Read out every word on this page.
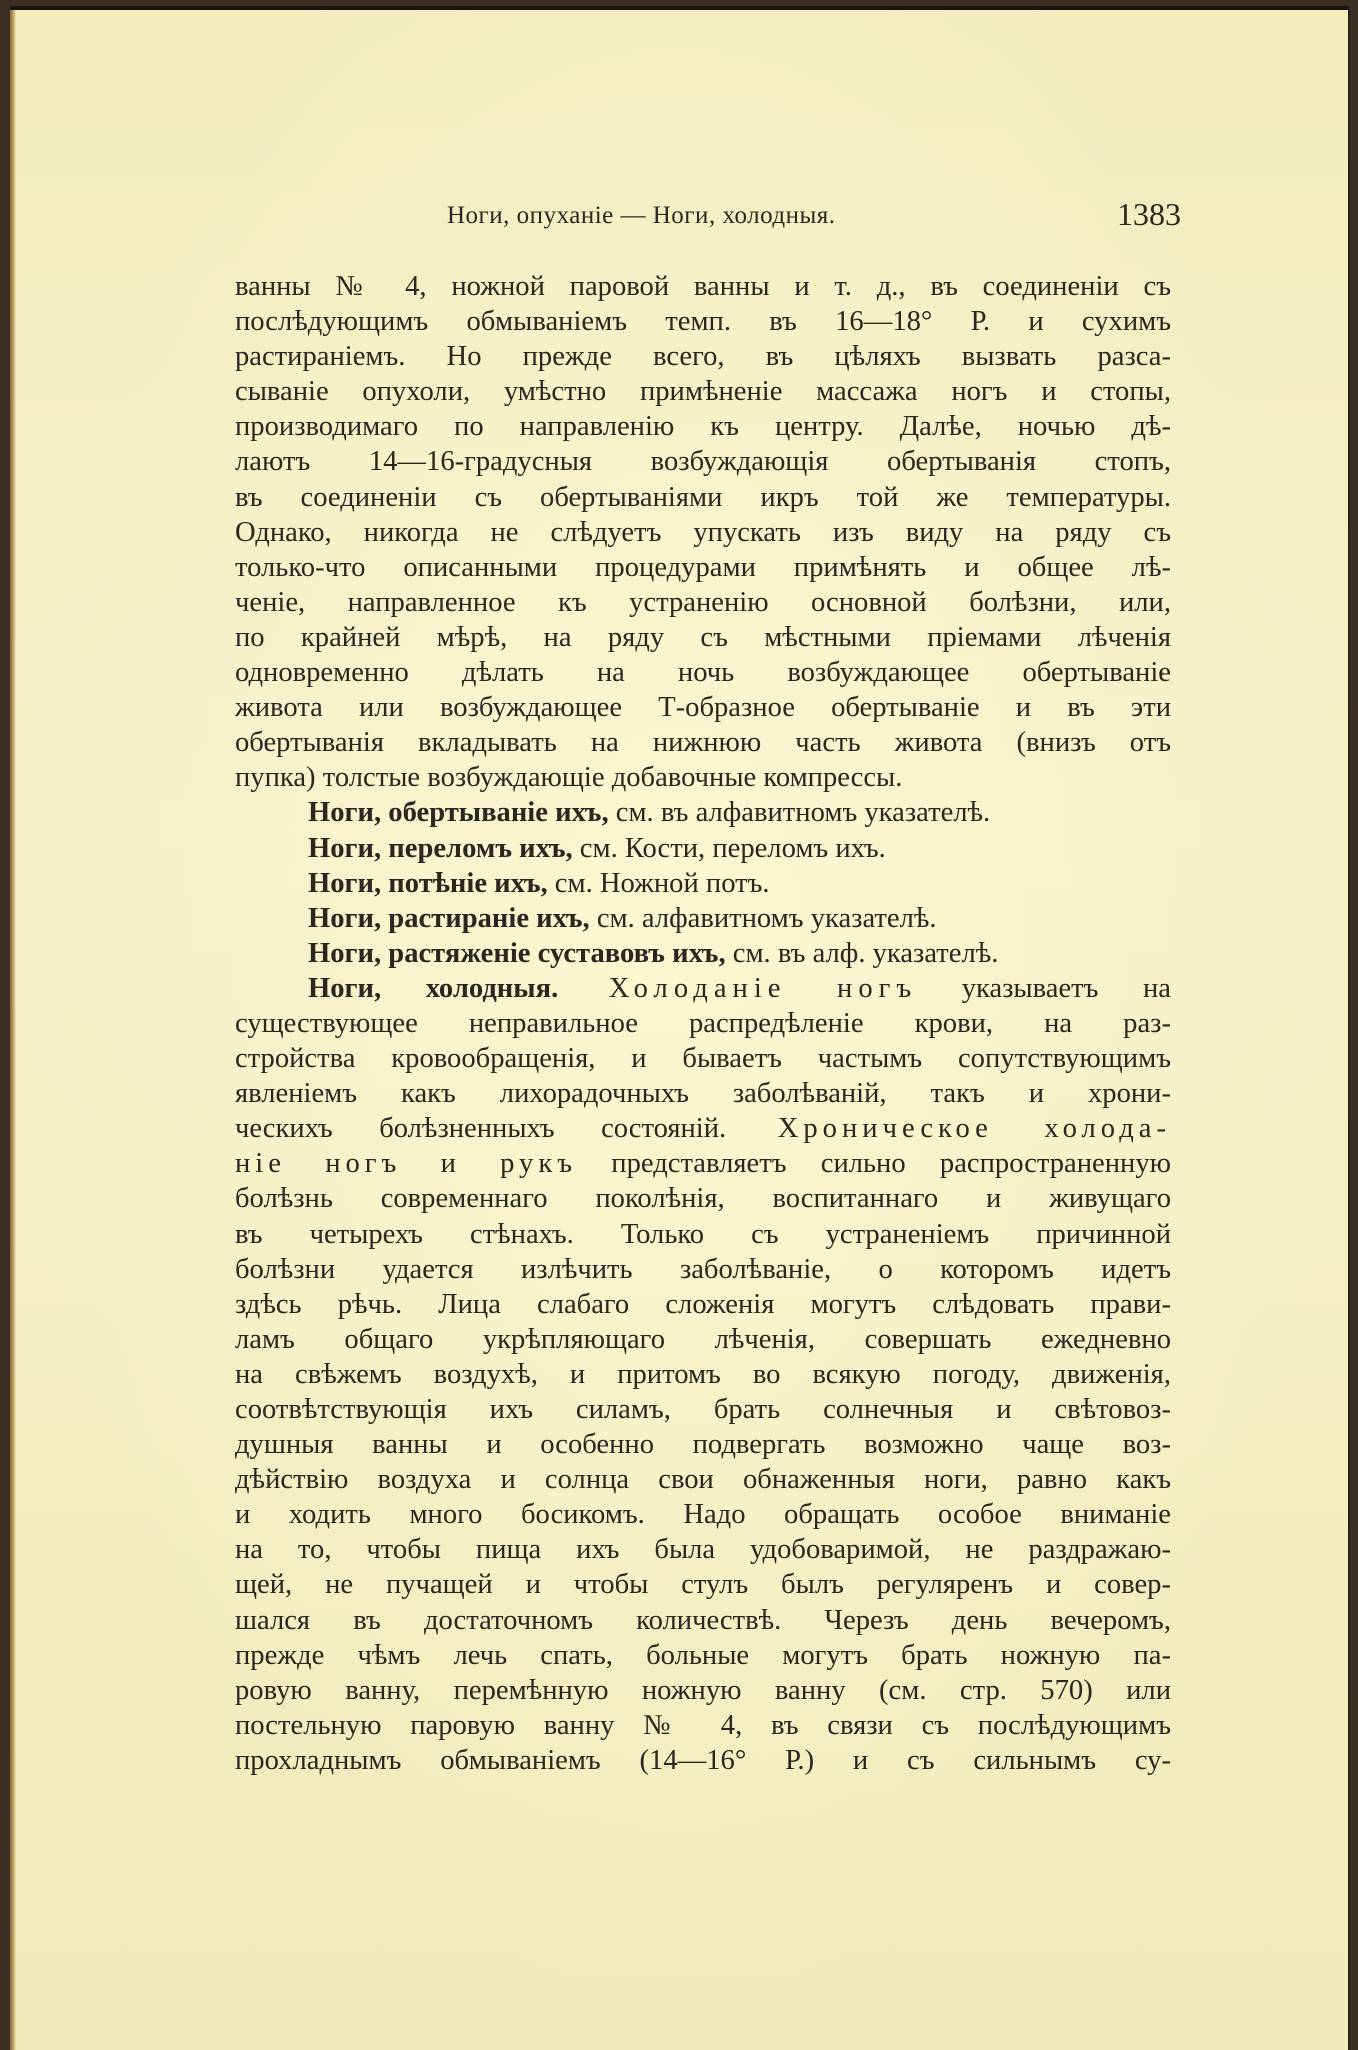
Ноги, опуханіе — Ноги, холодныя.	1383
ванны № 4, ножной паровой ванны и т. д., въ соединеніи съ
послѣдующимъ обмываніемъ темп. въ 16—18° Р. и сухимъ
растираніемъ. Но прежде всего, въ цѣляхъ вызвать разса-
сываніе опухоли, умѣстно примѣненіе массажа ногъ и стопы,
производимаго по направленію къ центру. Далѣе, ночью дѣ-
лаютъ 14—16-градусныя возбуждающія обертыванія стопъ,
въ соединеніи съ обертываніями икръ той же температуры.
Однако, никогда не слѣдуетъ упускать изъ виду на ряду съ
только-что описанными процедурами примѣнять и общее лѣ-
ченіе, направленное къ устраненію основной болѣзни, или,
по крайней мѣрѣ, на ряду съ мѣстными пріемами лѣченія
одновременно дѣлать на ночь возбуждающее обертываніе
живота или возбуждающее Т-образное обертываніе и въ эти
обертыванія вкладывать на нижнюю часть живота (внизъ отъ
пупка) толстые возбуждающіе добавочные компрессы.
Ноги, обертываніе ихъ, см. въ алфавитномъ указателѣ.
Ноги, переломъ ихъ, см. Кости, переломъ ихъ.
Ноги, потѣніе ихъ, см. Ножной потъ.
Ноги, растираніе ихъ, см. алфавитномъ указателѣ.
Ноги, растяженіе суставовъ ихъ, см. въ алф. указателѣ.
Ноги, холодныя. Холоданіе ногъ указываетъ на
существующее неправильное распредѣленіе крови, на раз-
стройства кровообращенія, и бываетъ частымъ сопутствующимъ
явленіемъ какъ лихорадочныхъ заболѣваній, такъ и хрони-
ческихъ болѣзненныхъ состояній. Хроническое холода-
ніе ногъ и рукъ представляетъ сильно распространенную
болѣзнь современнаго поколѣнія, воспитаннаго и живущаго
въ четырехъ стѣнахъ. Только съ устраненіемъ причинной
болѣзни удается излѣчить заболѣваніе, о которомъ идетъ
здѣсь рѣчь. Лица слабаго сложенія могутъ слѣдовать прави-
ламъ общаго укрѣпляющаго лѣченія, совершать ежедневно
на свѣжемъ воздухѣ, и притомъ во всякую погоду, движенія,
соотвѣтствующія ихъ силамъ, брать солнечныя и свѣтовоз-
душныя ванны и особенно подвергать возможно чаще воз-
дѣйствію воздуха и солнца свои обнаженныя ноги, равно какъ
и ходить много босикомъ. Надо обращать особое вниманіе
на то, чтобы пища ихъ была удобоваримой, не раздражаю-
щей, не пучащей и чтобы стулъ былъ регуляренъ и совер-
шался въ достаточномъ количествѣ. Черезъ день вечеромъ,
прежде чѣмъ лечь спать, больные могутъ брать ножную па-
ровую ванну, перемѣнную ножную ванну (см. стр. 570) или
постельную паровую ванну № 4, въ связи съ послѣдующимъ
прохладнымъ обмываніемъ (14—16° Р.) и съ сильнымъ су-
